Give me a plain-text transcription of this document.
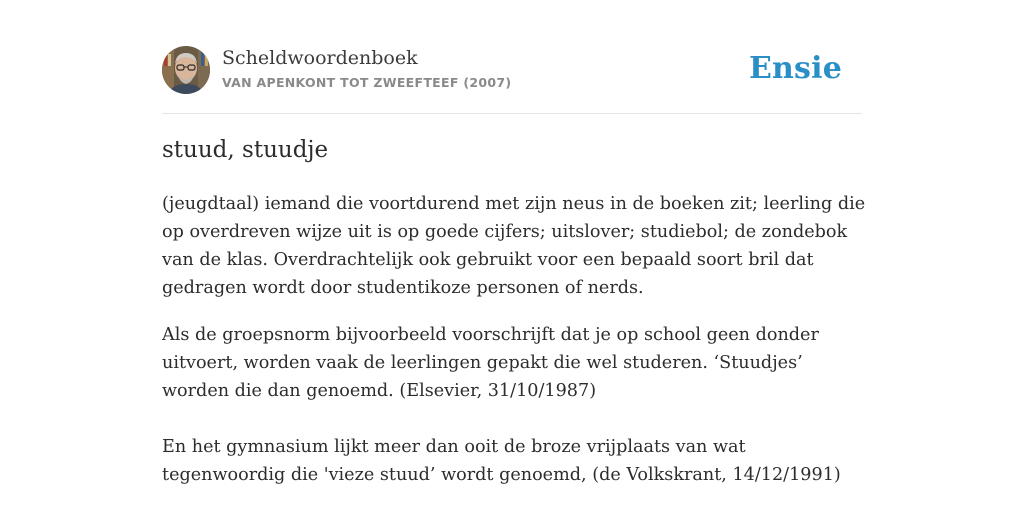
Scheldwoordenboek
VAN APENKONT TOT ZWEEFTEEF (2007)	Ensie
stuud, stuudje

(jeugdtaal) iemand die voortdurend met zijn neus in de boeken zit; leerling die op overdreven wijze uit is op goede cijfers; uitslover; studiebol; de zondebok van de klas. Overdrachtelijk ook gebruikt voor een bepaald soort bril dat gedragen wordt door studentikoze personen of nerds.

Als de groepsnorm bijvoorbeeld voorschrijft dat je op school geen donder uitvoert, worden vaak de leerlingen gepakt die wel studeren. ‘Stuudjes’ worden die dan genoemd. (Elsevier, 31/10/1987)

En het gymnasium lijkt meer dan ooit de broze vrijplaats van wat tegenwoordig die 'vieze stuud’ wordt genoemd, (de Volkskrant, 14/12/1991)
